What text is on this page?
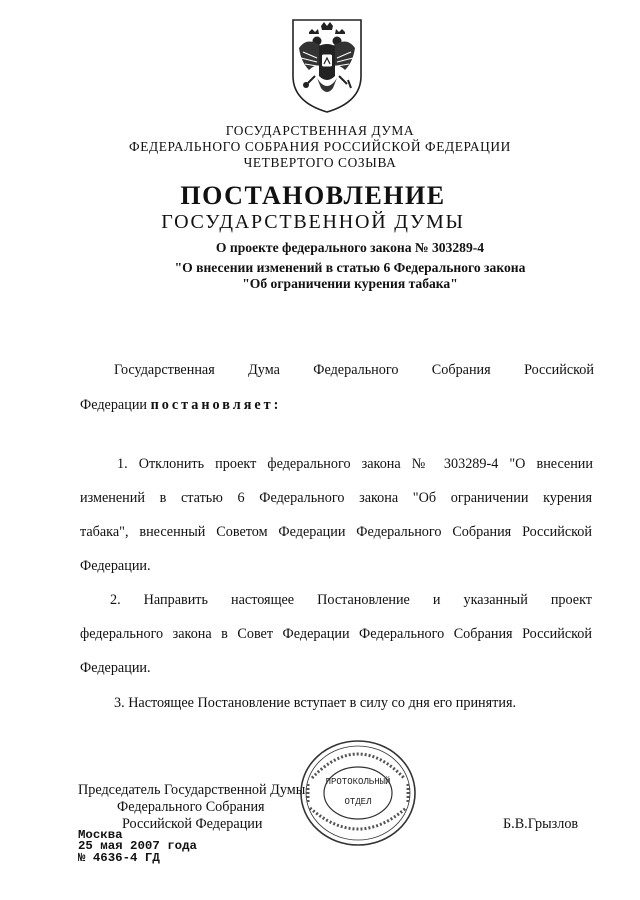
ГОСУДАРСТВЕННАЯ ДУМА
ФЕДЕРАЛЬНОГО СОБРАНИЯ РОССИЙСКОЙ ФЕДЕРАЦИИ
ЧЕТВЕРТОГО СОЗЫВА
ПОСТАНОВЛЕНИЕ
ГОСУДАРСТВЕННОЙ ДУМЫ
О проекте федерального закона № 303289-4
"О внесении изменений в статью 6 Федерального закона
"Об ограничении курения табака"
Государственная Дума Федерального Собрания Российской
Федерации постановляет:
1. Отклонить проект федерального закона № 303289-4 "О внесении
изменений в статью 6 Федерального закона "Об ограничении курения
табака", внесенный Советом Федерации Федерального Собрания Российской
Федерации.
2. Направить настоящее Постановление и указанный проект
федерального закона в Совет Федерации Федерального Собрания Российской
Федерации.
3. Настоящее Постановление вступает в силу со дня его принятия.
ПРОТОКОЛЬНЫЙ
ОТДЕЛ
Председатель Государственной Думы
Федерального Собрания
Российской Федерации	Б.В.Грызлов
Москва
25 мая 2007 года
№ 4636-4 ГД
